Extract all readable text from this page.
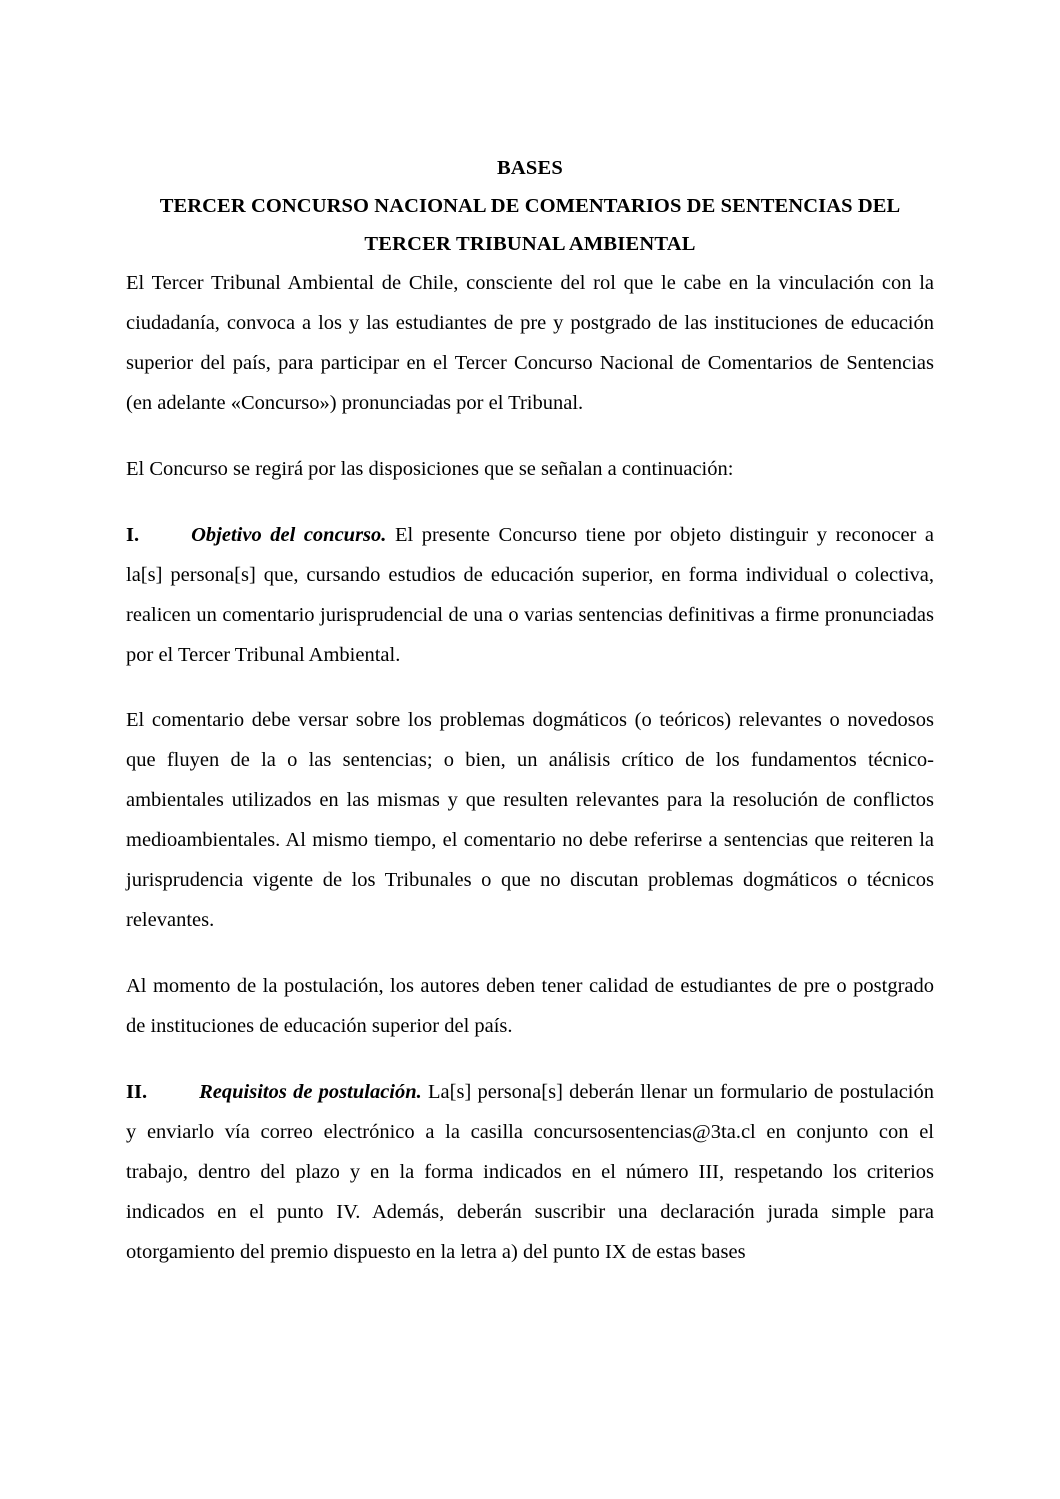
BASES
TERCER CONCURSO NACIONAL DE COMENTARIOS DE SENTENCIAS DEL
TERCER TRIBUNAL AMBIENTAL

El Tercer Tribunal Ambiental de Chile, consciente del rol que le cabe en la vinculación con la ciudadanía, convoca a los y las estudiantes de pre y postgrado de las instituciones de educación superior del país, para participar en el Tercer Concurso Nacional de Comentarios de Sentencias (en adelante «Concurso») pronunciadas por el Tribunal.

El Concurso se regirá por las disposiciones que se señalan a continuación:

I.	Objetivo del concurso. El presente Concurso tiene por objeto distinguir y reconocer a la[s] persona[s] que, cursando estudios de educación superior, en forma individual o colectiva, realicen un comentario jurisprudencial de una o varias sentencias definitivas a firme pronunciadas por el Tercer Tribunal Ambiental.

El comentario debe versar sobre los problemas dogmáticos (o teóricos) relevantes o novedosos que fluyen de la o las sentencias; o bien, un análisis crítico de los fundamentos técnico-ambientales utilizados en las mismas y que resulten relevantes para la resolución de conflictos medioambientales. Al mismo tiempo, el comentario no debe referirse a sentencias que reiteren la jurisprudencia vigente de los Tribunales o que no discutan problemas dogmáticos o técnicos relevantes.

Al momento de la postulación, los autores deben tener calidad de estudiantes de pre o postgrado de instituciones de educación superior del país.

II.	Requisitos de postulación. La[s] persona[s] deberán llenar un formulario de postulación y enviarlo vía correo electrónico a la casilla concursosentencias@3ta.cl en conjunto con el trabajo, dentro del plazo y en la forma indicados en el número III, respetando los criterios indicados en el punto IV. Además, deberán suscribir una declaración jurada simple para otorgamiento del premio dispuesto en la letra a) del punto IX de estas bases
